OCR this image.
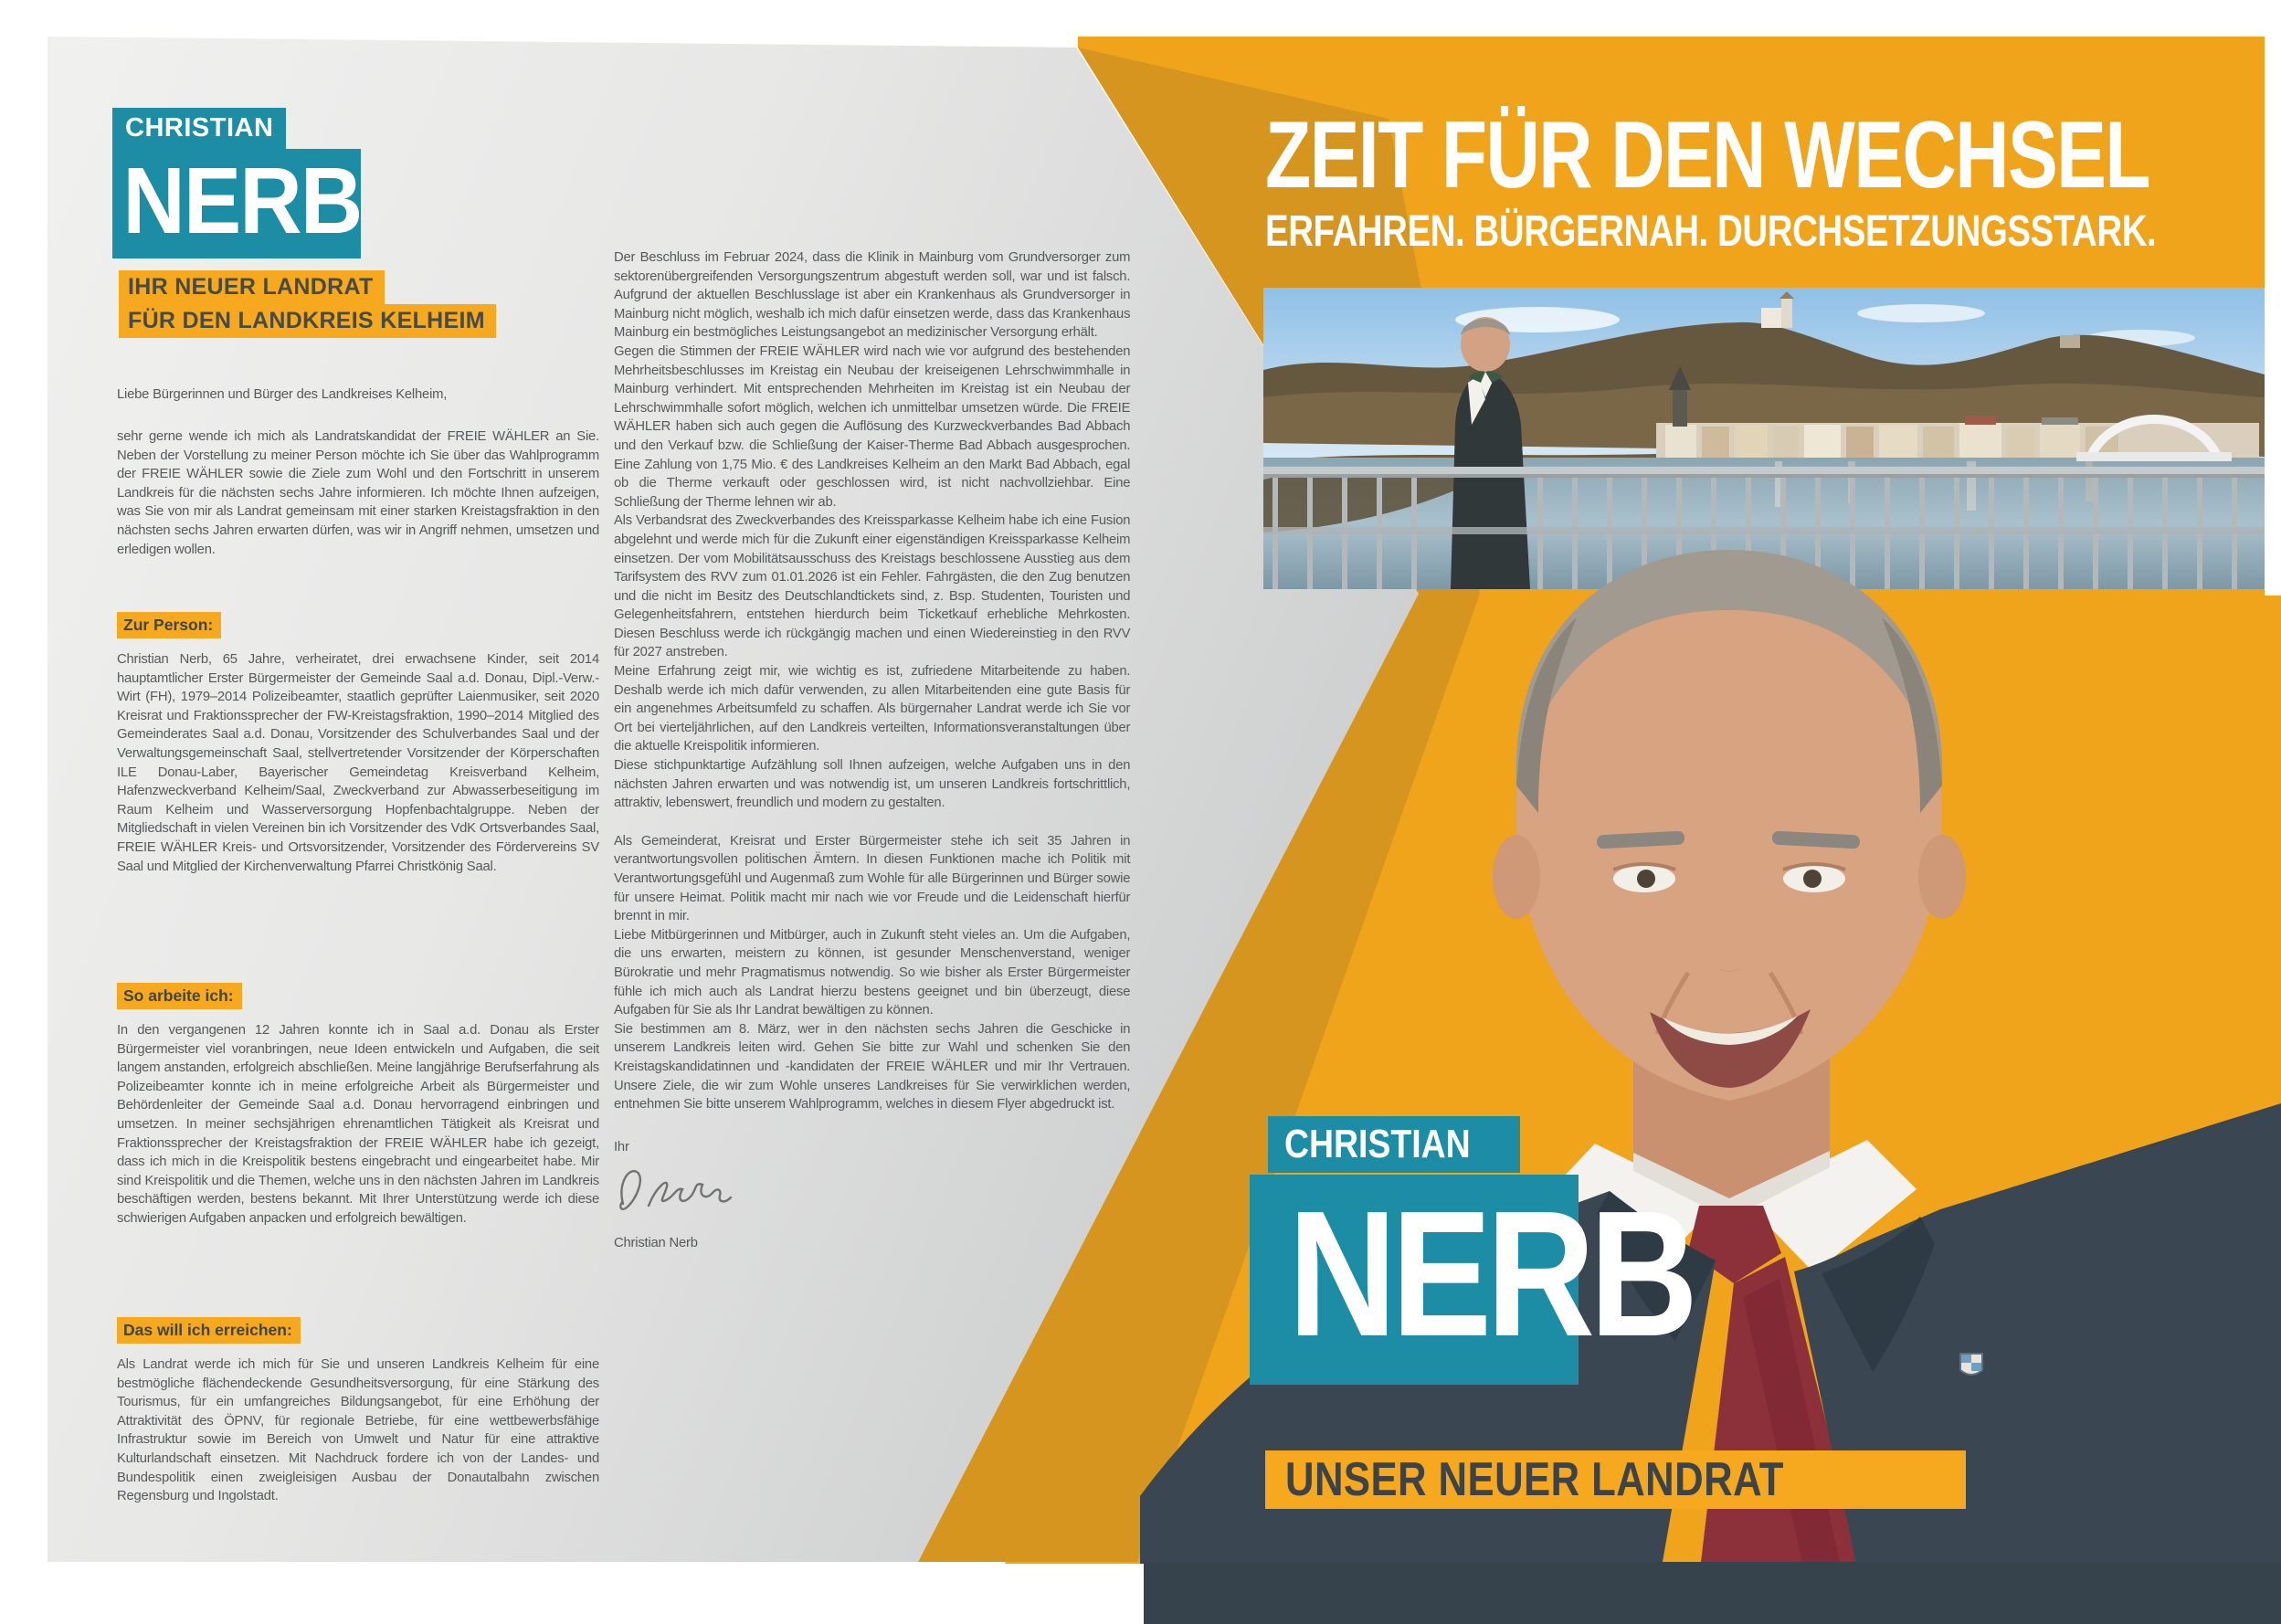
CHRISTIAN
NERB
IHR NEUER LANDRAT
FÜR DEN LANDKREIS KELHEIM
Liebe Bürgerinnen und Bürger des Landkreises Kelheim,
sehr gerne wende ich mich als Landratskandidat der FREIE WÄHLER an Sie. Neben der Vorstellung zu meiner Person möchte ich Sie über das Wahlprogramm der FREIE WÄHLER sowie die Ziele zum Wohl und den Fortschritt in unserem Landkreis für die nächsten sechs Jahre informieren. Ich möchte Ihnen aufzeigen, was Sie von mir als Landrat gemeinsam mit einer starken Kreistagsfraktion in den nächsten sechs Jahren erwarten dürfen, was wir in Angriff nehmen, umsetzen und erledigen wollen.
Zur Person:
Christian Nerb, 65 Jahre, verheiratet, drei erwachsene Kinder, seit 2014 hauptamtlicher Erster Bürgermeister der Gemeinde Saal a.d. Donau, Dipl.-Verw.-Wirt (FH), 1979–2014 Polizeibeamter, staatlich geprüfter Laienmusiker, seit 2020 Kreisrat und Fraktionssprecher der FW-Kreistagsfraktion, 1990–2014 Mitglied des Gemeinderates Saal a.d. Donau, Vorsitzender des Schulverbandes Saal und der Verwaltungsgemeinschaft Saal, stellvertretender Vorsitzender der Körperschaften ILE Donau-Laber, Bayerischer Gemeindetag Kreisverband Kelheim, Hafenzweckverband Kelheim/Saal, Zweckverband zur Abwasserbeseitigung im Raum Kelheim und Wasserversorgung Hopfenbachtalgruppe. Neben der Mitgliedschaft in vielen Vereinen bin ich Vorsitzender des VdK Ortsverbandes Saal, FREIE WÄHLER Kreis- und Ortsvorsitzender, Vorsitzender des Fördervereins SV Saal und Mitglied der Kirchenverwaltung Pfarrei Christkönig Saal.
So arbeite ich:
In den vergangenen 12 Jahren konnte ich in Saal a.d. Donau als Erster Bürgermeister viel voranbringen, neue Ideen entwickeln und Aufgaben, die seit langem anstanden, erfolgreich abschließen. Meine langjährige Berufserfahrung als Polizeibeamter konnte ich in meine erfolgreiche Arbeit als Bürgermeister und Behördenleiter der Gemeinde Saal a.d. Donau hervorragend einbringen und umsetzen. In meiner sechsjährigen ehrenamtlichen Tätigkeit als Kreisrat und Fraktionssprecher der Kreistagsfraktion der FREIE WÄHLER habe ich gezeigt, dass ich mich in die Kreispolitik bestens eingebracht und eingearbeitet habe. Mir sind Kreispolitik und die Themen, welche uns in den nächsten Jahren im Landkreis beschäftigen werden, bestens bekannt. Mit Ihrer Unterstützung werde ich diese schwierigen Aufgaben anpacken und erfolgreich bewältigen.
Das will ich erreichen:
Als Landrat werde ich mich für Sie und unseren Landkreis Kelheim für eine bestmögliche flächendeckende Gesundheitsversorgung, für eine Stärkung des Tourismus, für ein umfangreiches Bildungsangebot, für eine Erhöhung der Attraktivität des ÖPNV, für regionale Betriebe, für eine wettbewerbsfähige Infrastruktur sowie im Bereich von Umwelt und Natur für eine attraktive Kulturlandschaft einsetzen. Mit Nachdruck fordere ich von der Landes- und Bundespolitik einen zweigleisigen Ausbau der Donautalbahn zwischen Regensburg und Ingolstadt.

Der Beschluss im Februar 2024, dass die Klinik in Mainburg vom Grundversorger zum sektorenübergreifenden Versorgungszentrum abgestuft werden soll, war und ist falsch. Aufgrund der aktuellen Beschlusslage ist aber ein Krankenhaus als Grundversorger in Mainburg nicht möglich, weshalb ich mich dafür einsetzen werde, dass das Krankenhaus Mainburg ein bestmögliches Leistungsangebot an medizinischer Versorgung erhält.

Gegen die Stimmen der FREIE WÄHLER wird nach wie vor aufgrund des bestehenden Mehrheitsbeschlusses im Kreistag ein Neubau der kreiseigenen Lehrschwimmhalle in Mainburg verhindert. Mit entsprechenden Mehrheiten im Kreistag ist ein Neubau der Lehrschwimmhalle sofort möglich, welchen ich unmittelbar umsetzen würde. Die FREIE WÄHLER haben sich auch gegen die Auflösung des Kurzweckverbandes Bad Abbach und den Verkauf bzw. die Schließung der Kaiser-Therme Bad Abbach ausgesprochen. Eine Zahlung von 1,75 Mio. € des Landkreises Kelheim an den Markt Bad Abbach, egal ob die Therme verkauft oder geschlossen wird, ist nicht nachvollziehbar. Eine Schließung der Therme lehnen wir ab.

Als Verbandsrat des Zweckverbandes des Kreissparkasse Kelheim habe ich eine Fusion abgelehnt und werde mich für die Zukunft einer eigenständigen Kreissparkasse Kelheim einsetzen. Der vom Mobilitätsausschuss des Kreistags beschlossene Ausstieg aus dem Tarifsystem des RVV zum 01.01.2026 ist ein Fehler. Fahrgästen, die den Zug benutzen und die nicht im Besitz des Deutschlandtickets sind, z. Bsp. Studenten, Touristen und Gelegenheitsfahrern, entstehen hierdurch beim Ticketkauf erhebliche Mehrkosten. Diesen Beschluss werde ich rückgängig machen und einen Wiedereinstieg in den RVV für 2027 anstreben.

Meine Erfahrung zeigt mir, wie wichtig es ist, zufriedene Mitarbeitende zu haben. Deshalb werde ich mich dafür verwenden, zu allen Mitarbeitenden eine gute Basis für ein angenehmes Arbeitsumfeld zu schaffen. Als bürgernaher Landrat werde ich Sie vor Ort bei vierteljährlichen, auf den Landkreis verteilten, Informationsveranstaltungen über die aktuelle Kreispolitik informieren.

Diese stichpunktartige Aufzählung soll Ihnen aufzeigen, welche Aufgaben uns in den nächsten Jahren erwarten und was notwendig ist, um unseren Landkreis fortschrittlich, attraktiv, lebenswert, freundlich und modern zu gestalten.

Als Gemeinderat, Kreisrat und Erster Bürgermeister stehe ich seit 35 Jahren in verantwortungsvollen politischen Ämtern. In diesen Funktionen mache ich Politik mit Verantwortungsgefühl und Augenmaß zum Wohle für alle Bürgerinnen und Bürger sowie für unsere Heimat. Politik macht mir nach wie vor Freude und die Leidenschaft hierfür brennt in mir.

Liebe Mitbürgerinnen und Mitbürger, auch in Zukunft steht vieles an. Um die Aufgaben, die uns erwarten, meistern zu können, ist gesunder Menschenverstand, weniger Bürokratie und mehr Pragmatismus notwendig. So wie bisher als Erster Bürgermeister fühle ich mich auch als Landrat hierzu bestens geeignet und bin überzeugt, diese Aufgaben für Sie als Ihr Landrat bewältigen zu können.

Sie bestimmen am 8. März, wer in den nächsten sechs Jahren die Geschicke in unserem Landkreis leiten wird. Gehen Sie bitte zur Wahl und schenken Sie den Kreistagskandidatinnen und -kandidaten der FREIE WÄHLER und mir Ihr Vertrauen. Unsere Ziele, die wir zum Wohle unseres Landkreises für Sie verwirklichen werden, entnehmen Sie bitte unserem Wahlprogramm, welches in diesem Flyer abgedruckt ist.

Ihr

Christian Nerb

ZEIT FÜR DEN WECHSEL
ERFAHREN. BÜRGERNAH. DURCHSETZUNGSSTARK.
CHRISTIAN
NERB
UNSER NEUER LANDRAT
